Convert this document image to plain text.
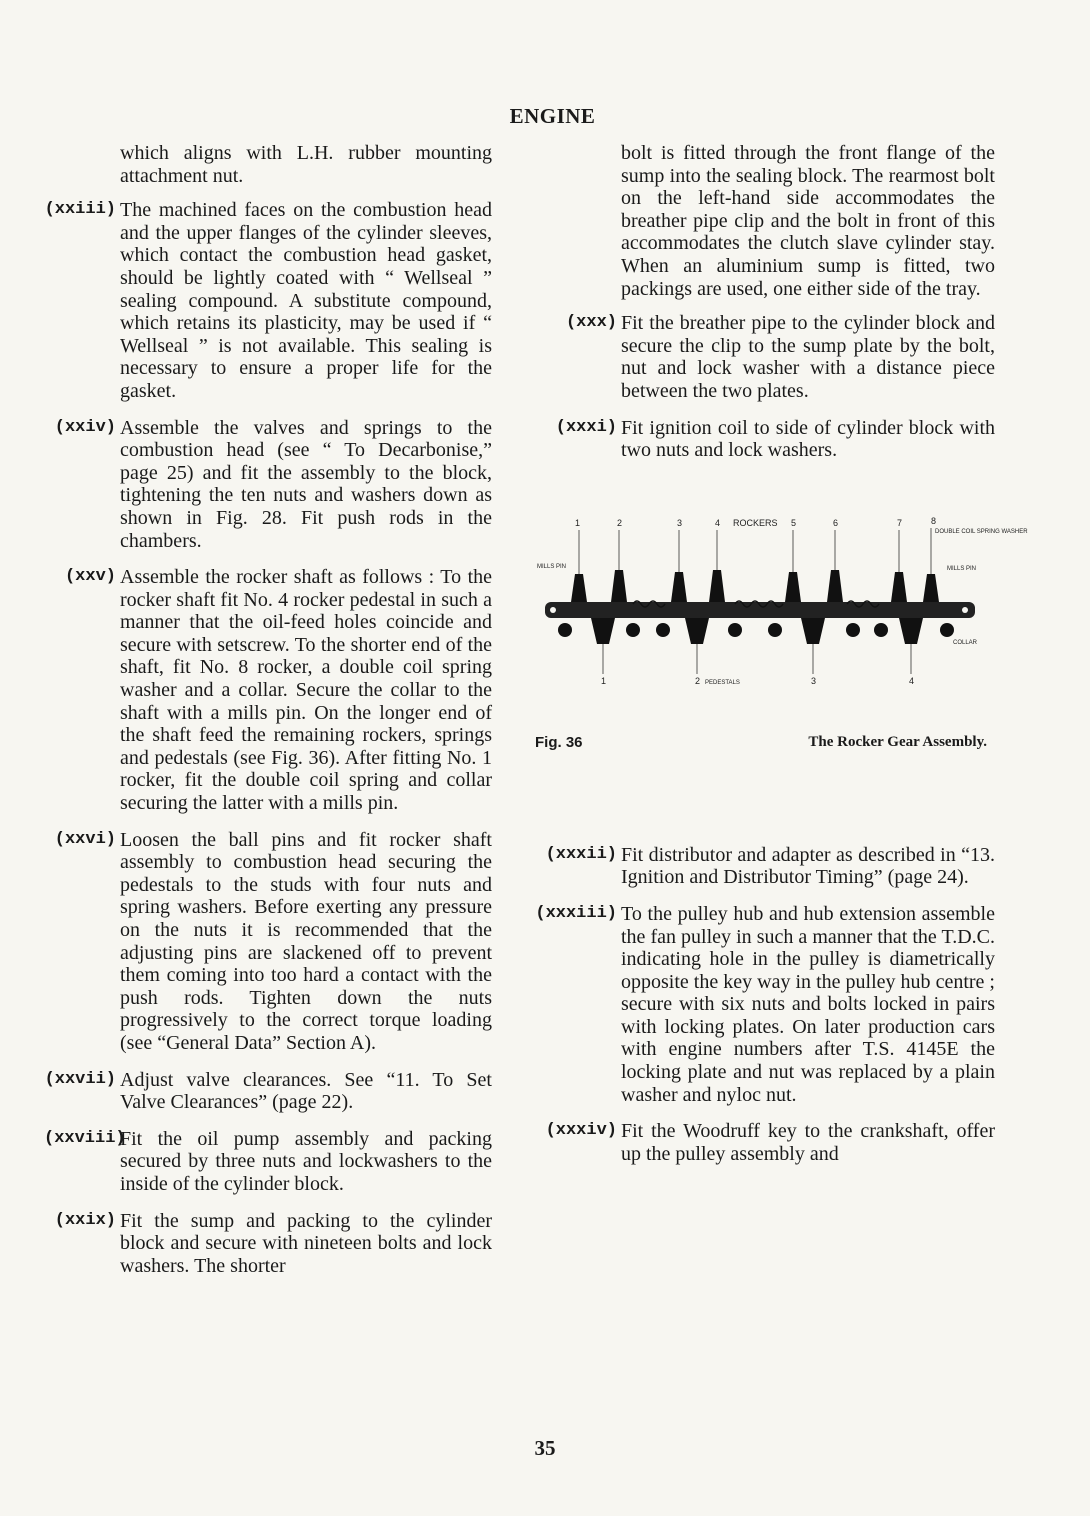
ENGINE
which aligns with L.H. rubber mounting attachment nut.
(xxiii) The machined faces on the combustion head and the upper flanges of the cylinder sleeves, which contact the combustion head gasket, should be lightly coated with “ Wellseal ” sealing compound. A substitute compound, which retains its plasticity, may be used if “ Wellseal ” is not available. This sealing is necessary to ensure a proper life for the gasket.
(xxiv) Assemble the valves and springs to the combustion head (see “ To Decarbonise,” page 25) and fit the assembly to the block, tightening the ten nuts and washers down as shown in Fig. 28. Fit push rods in the chambers.
(xxv) Assemble the rocker shaft as follows : To the rocker shaft fit No. 4 rocker pedestal in such a manner that the oil-feed holes coincide and secure with setscrew. To the shorter end of the shaft, fit No. 8 rocker, a double coil spring washer and a collar. Secure the collar to the shaft with a mills pin. On the longer end of the shaft feed the remaining rockers, springs and pedestals (see Fig. 36). After fitting No. 1 rocker, fit the double coil spring and collar securing the latter with a mills pin.
(xxvi) Loosen the ball pins and fit rocker shaft assembly to combustion head securing the pedestals to the studs with four nuts and spring washers. Before exerting any pressure on the nuts it is recommended that the adjusting pins are slackened off to prevent them coming into too hard a contact with the push rods. Tighten down the nuts progressively to the correct torque loading (see “General Data” Section A).
(xxvii) Adjust valve clearances. See “11. To Set Valve Clearances” (page 22).
(xxviii)
Fit the oil pump assembly and packing secured by three nuts and lockwashers to the inside of the cylinder block.
(xxix) Fit the sump and packing to the cylinder block and secure with nineteen bolts and lock washers. The shorter
bolt is fitted through the front flange of the sump into the sealing block. The rearmost bolt on the left-hand side accommodates the breather pipe clip and the bolt in front of this accommodates the clutch slave cylinder stay. When an aluminium sump is fitted, two packings are used, one either side of the tray.
(xxx) Fit the breather pipe to the cylinder block and secure the clip to the sump plate by the bolt, nut and lock washer with a distance piece between the two plates.
(xxxi) Fit ignition coil to side of cylinder block with two nuts and lock washers.
2	3	4 ROCKERS 5	6	7	8
1
DOUBLE COIL SPRING WASHER
MILLS PIN	MILLS PIN
COLLAR
PEDESTALS
1	2	3	4
Fig. 36	The Rocker Gear Assembly.
(xxxii) Fit distributor and adapter as described in “13. Ignition and Distributor Timing” (page 24).
(xxxiii) To the pulley hub and hub extension assemble the fan pulley in such a manner that the T.D.C. indicating hole in the pulley is diametrically opposite the key way in the pulley hub centre ; secure with six nuts and bolts locked in pairs with locking plates. On later production cars with engine numbers after T.S. 4145E the locking plate and nut was replaced by a plain washer and nyloc nut.
(xxxiv) Fit the Woodruff key to the crankshaft, offer up the pulley assembly and
35
